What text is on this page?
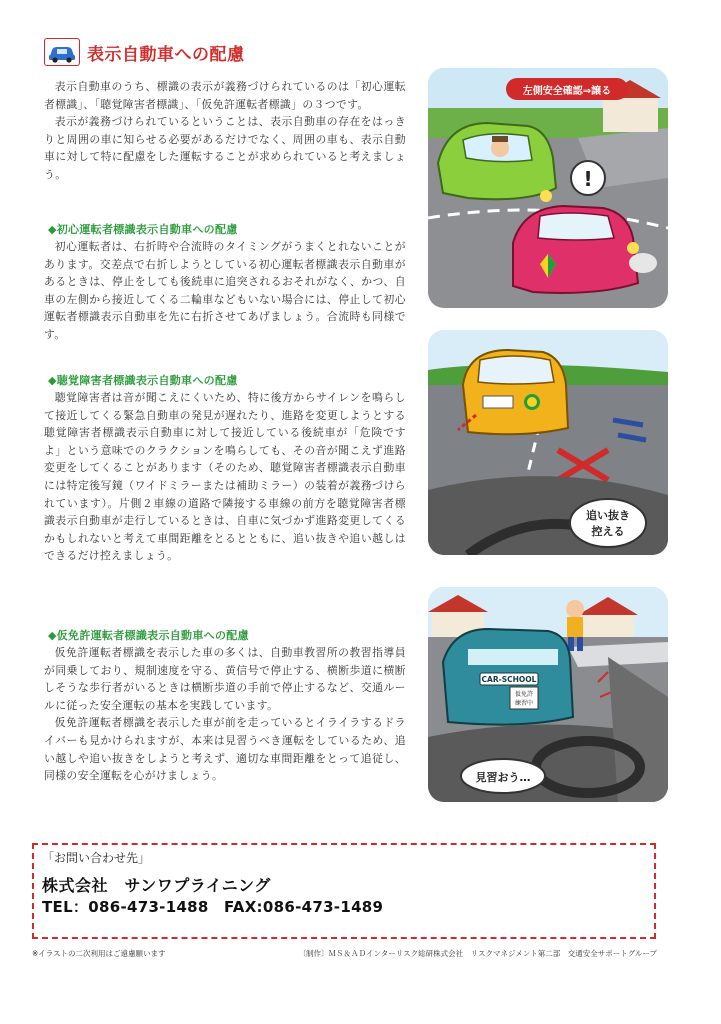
表示自動車への配慮

表示自動車のうち、標識の表示が義務づけられているのは「初心運転者標識」、「聴覚障害者標識」、「仮免許運転者標識」の３つです。

表示が義務づけられているということは、表示自動車の存在をはっきりと周囲の車に知らせる必要があるだけでなく、周囲の車も、表示自動車に対して特に配慮をした運転することが求められていると考えましょう。

◆初心運転者標識表示自動車への配慮

初心運転者は、右折時や合流時のタイミングがうまくとれないことがあります。交差点で右折しようとしている初心運転者標識表示自動車があるときは、停止をしても後続車に追突されるおそれがなく、かつ、自車の左側から接近してくる二輪車などもいない場合には、停止して初心運転者標識表示自動車を先に右折させてあげましょう。合流時も同様です。

◆聴覚障害者標識表示自動車への配慮

聴覚障害者は音が聞こえにくいため、特に後方からサイレンを鳴らして接近してくる緊急自動車の発見が遅れたり、進路を変更しようとする聴覚障害者標識表示自動車に対して接近している後続車が「危険ですよ」という意味でのクラクションを鳴らしても、その音が聞こえず進路変更をしてくることがあります（そのため、聴覚障害者標識表示自動車には特定後写鏡（ワイドミラーまたは補助ミラー）の装着が義務づけられています）。片側２車線の道路で隣接する車線の前方を聴覚障害者標識表示自動車が走行しているときは、自車に気づかず進路変更してくるかもしれないと考えて車間距離をとるとともに、追い抜きや追い越しはできるだけ控えましょう。

◆仮免許運転者標識表示自動車への配慮

仮免許運転者標識を表示した車の多くは、自動車教習所の教習指導員が同乗しており、規制速度を守る、黄信号で停止する、横断歩道に横断しそうな歩行者がいるときは横断歩道の手前で停止するなど、交通ルールに従った安全運転の基本を実践しています。

仮免許運転者標識を表示した車が前を走っているとイライラするドライバーも見かけられますが、本来は見習うべき運転をしているため、追い越しや追い抜きをしようと考えず、適切な車間距離をとって追従し、同様の安全運転を心がけましょう。

左側安全確認⇒譲る
!
追い抜き
控える
CAR-SCHOOL
仮免許
練習中
見習おう…
「お問い合わせ先」
株式会社　サンワプライニング
TEL：086-473-1488　FAX:086-473-1489
※イラストの二次利用はご遠慮願います	〔制作〕ＭＳ＆ＡＤインターリスク総研株式会社　リスクマネジメント第二部　交通安全サポートグループ
